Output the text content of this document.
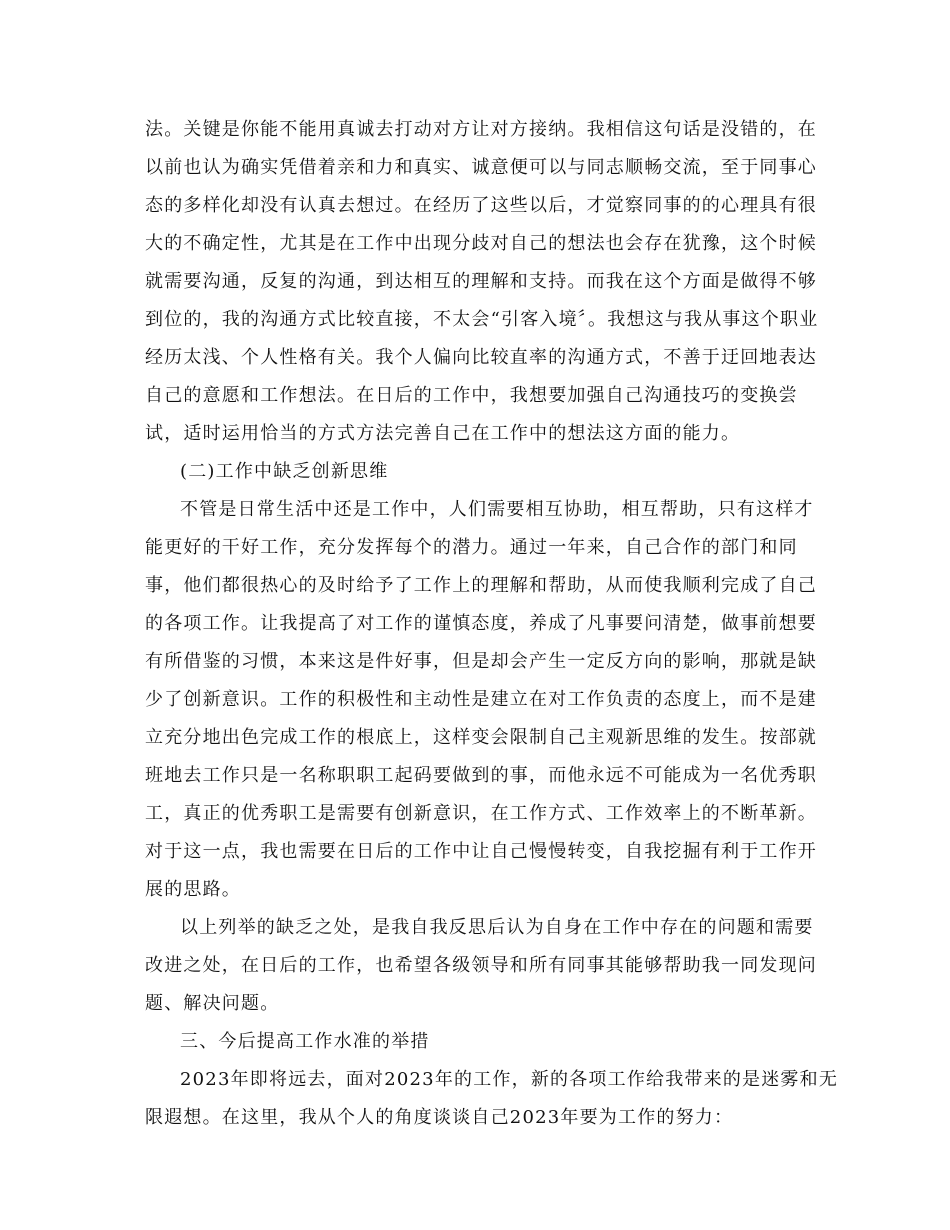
法。关键是你能不能用真诚去打动对方让对方接纳。我相信这句话是没错的，在
以前也认为确实凭借着亲和力和真实、诚意便可以与同志顺畅交流，至于同事心
态的多样化却没有认真去想过。在经历了这些以后，才觉察同事的的心理具有很
大的不确定性，尤其是在工作中出现分歧对自己的想法也会存在犹豫，这个时候
就需要沟通，反复的沟通，到达相互的理解和支持。而我在这个方面是做得不够
到位的，我的沟通方式比较直接，不太会“引客入境〞。我想这与我从事这个职业
经历太浅、个人性格有关。我个人偏向比较直率的沟通方式，不善于迂回地表达
自己的意愿和工作想法。在日后的工作中，我想要加强自己沟通技巧的变换尝
试，适时运用恰当的方式方法完善自己在工作中的想法这方面的能力。
(二)工作中缺乏创新思维
不管是日常生活中还是工作中，人们需要相互协助，相互帮助，只有这样才
能更好的干好工作，充分发挥每个的潜力。通过一年来，自己合作的部门和同
事，他们都很热心的及时给予了工作上的理解和帮助，从而使我顺利完成了自己
的各项工作。让我提高了对工作的谨慎态度，养成了凡事要问清楚，做事前想要
有所借鉴的习惯，本来这是件好事，但是却会产生一定反方向的影响，那就是缺
少了创新意识。工作的积极性和主动性是建立在对工作负责的态度上，而不是建
立充分地出色完成工作的根底上，这样变会限制自己主观新思维的发生。按部就
班地去工作只是一名称职职工起码要做到的事，而他永远不可能成为一名优秀职
工，真正的优秀职工是需要有创新意识，在工作方式、工作效率上的不断革新。
对于这一点，我也需要在日后的工作中让自己慢慢转变，自我挖掘有利于工作开
展的思路。
以上列举的缺乏之处，是我自我反思后认为自身在工作中存在的问题和需要
改进之处，在日后的工作，也希望各级领导和所有同事其能够帮助我一同发现问
题、解决问题。
三、今后提高工作水准的举措
2023年即将远去，面对2023年的工作，新的各项工作给我带来的是迷雾和无
限遐想。在这里，我从个人的角度谈谈自己2023年要为工作的努力：
